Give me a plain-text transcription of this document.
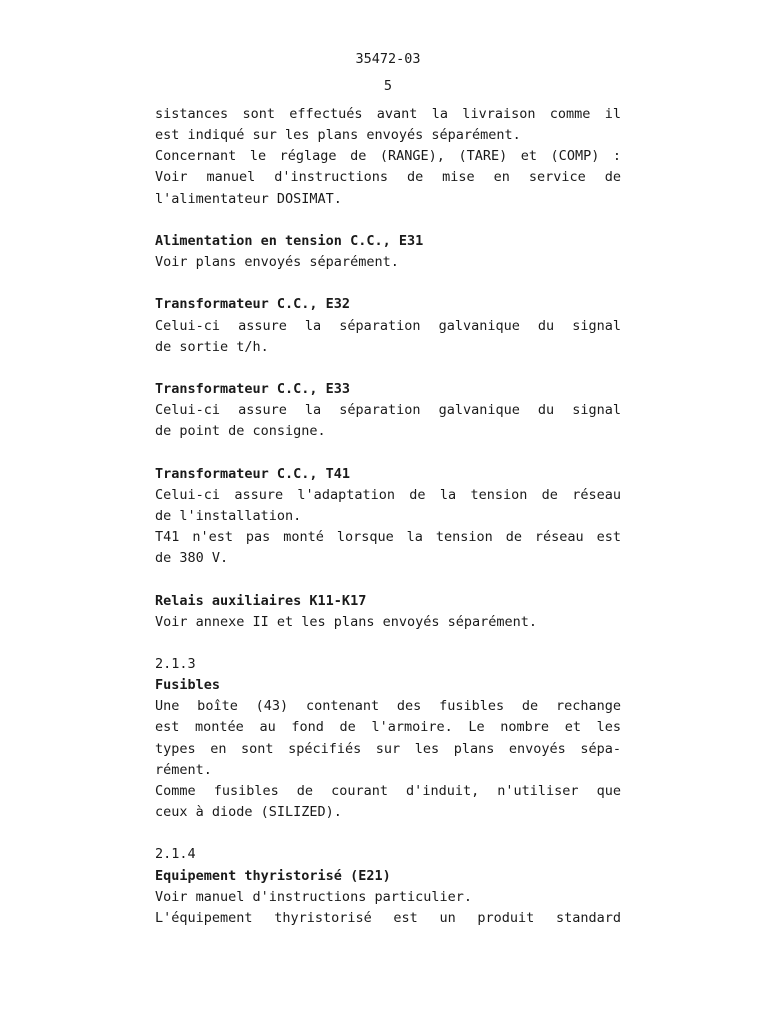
35472-03
5
sistances sont effectués avant la livraison comme il
est indiqué sur les plans envoyés séparément.
Concernant le réglage de (RANGE), (TARE) et (COMP) :
Voir manuel d'instructions de mise en service de
l'alimentateur DOSIMAT.
Alimentation en tension C.C., E31
Voir plans envoyés séparément.
Transformateur C.C., E32
Celui-ci assure la séparation galvanique du signal
de sortie t/h.
Transformateur C.C., E33
Celui-ci assure la séparation galvanique du signal
de point de consigne.
Transformateur C.C., T41
Celui-ci assure l'adaptation de la tension de réseau
de l'installation.
T41 n'est pas monté lorsque la tension de réseau est
de 380 V.
Relais auxiliaires K11-K17
Voir annexe II et les plans envoyés séparément.
2.1.3
Fusibles
Une boîte (43) contenant des fusibles de rechange
est montée au fond de l'armoire. Le nombre et les
types en sont spécifiés sur les plans envoyés sépa-
rément.
Comme fusibles de courant d'induit, n'utiliser que
ceux à diode (SILIZED).
2.1.4
Equipement thyristorisé (E21)
Voir manuel d'instructions particulier.
L'équipement thyristorisé est un produit standard
